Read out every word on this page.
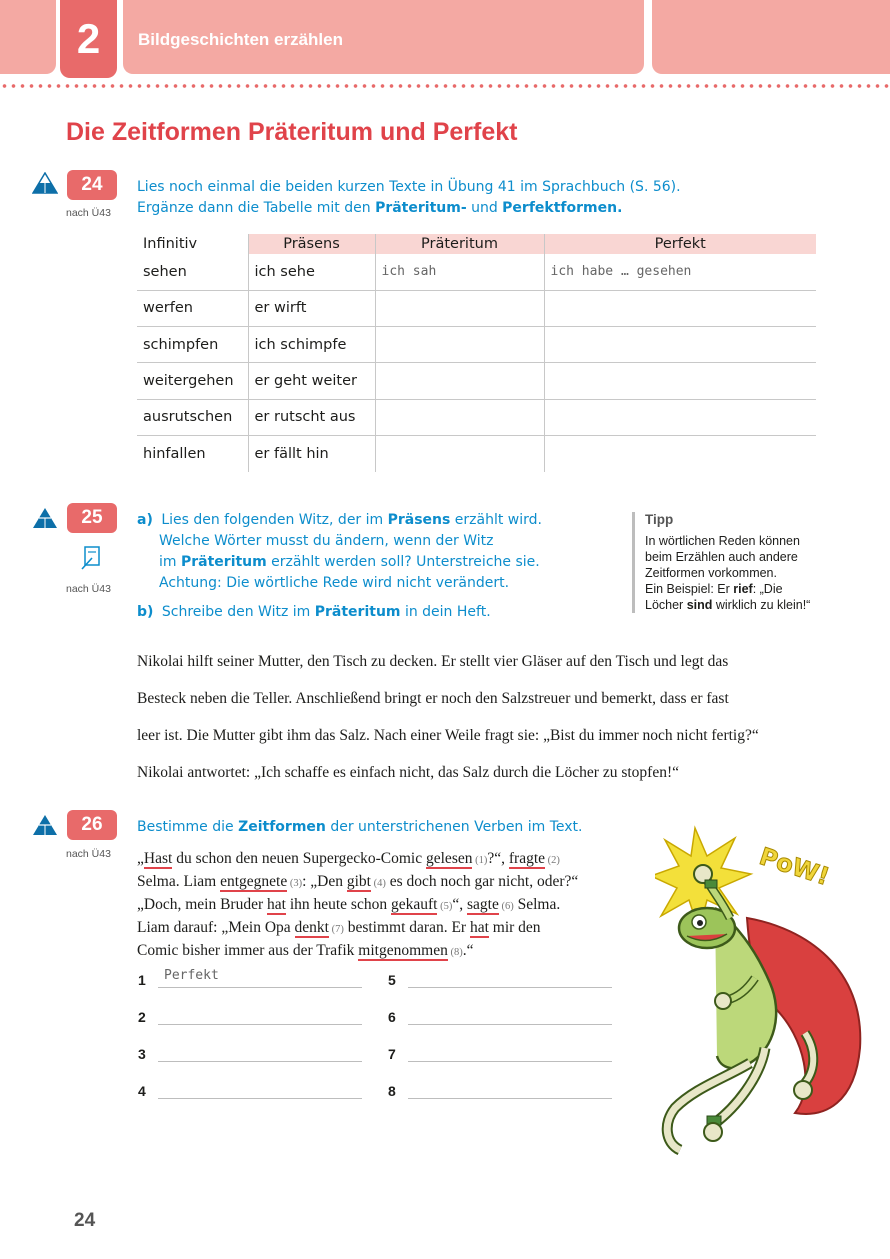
2	Bildgeschichten erzählen
Die Zeitformen Präteritum und Perfekt
24
nach Ü43
Lies noch einmal die beiden kurzen Texte in Übung 41 im Sprachbuch (S. 56).
Ergänze dann die Tabelle mit den Präteritum- und Perfektformen.
Infinitiv	Präsens	Präteritum	Perfekt
sehen	ich sehe	ich sah	ich habe … gesehen
werfen	er wirft		
schimpfen	ich schimpfe		
weitergehen	er geht weiter		
ausrutschen	er rutscht aus		
hinfallen	er fällt hin		
25
nach Ü43
a) Lies den folgenden Witz, der im Präsens erzählt wird.
Welche Wörter musst du ändern, wenn der Witz
im Präteritum erzählt werden soll? Unterstreiche sie.
Achtung: Die wörtliche Rede wird nicht verändert.
b) Schreibe den Witz im Präteritum in dein Heft.
Tipp
In wörtlichen Reden können
beim Erzählen auch andere
Zeitformen vorkommen.
Ein Beispiel: Er rief: „Die
Löcher sind wirklich zu klein!“

Nikolai hilft seiner Mutter, den Tisch zu decken. Er stellt vier Gläser auf den Tisch und legt das

Besteck neben die Teller. Anschließend bringt er noch den Salzstreuer und bemerkt, dass er fast

leer ist. Die Mutter gibt ihm das Salz. Nach einer Weile fragt sie: „Bist du immer noch nicht fertig?“

Nikolai antwortet: „Ich schaffe es einfach nicht, das Salz durch die Löcher zu stopfen!“

26
nach Ü43
Bestimme die Zeitformen der unterstrichenen Verben im Text.
„Hast du schon den neuen Supergecko-Comic gelesen (1)?“, fragte (2)
Selma. Liam entgegnete (3): „Den gibt (4) es doch noch gar nicht, oder?“
„Doch, mein Bruder hat ihn heute schon gekauft (5)“, sagte (6) Selma.
Liam darauf: „Mein Opa denkt (7) bestimmt daran. Er hat mir den
Comic bisher immer aus der Trafik mitgenommen (8).“
1	Perfekt
2
3
4
5
6
7
8
PoW!
24
